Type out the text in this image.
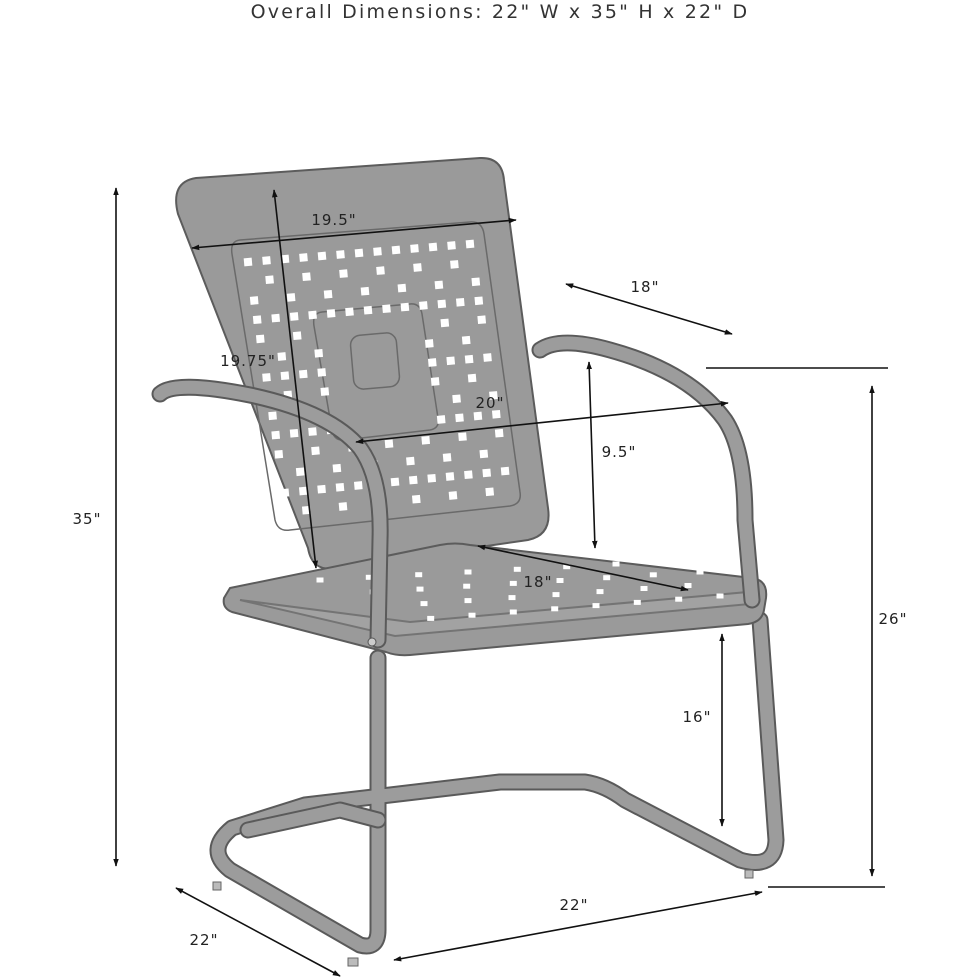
Overall Dimensions: 22" W x 35" H x 22" D
35"
19.5"
19.75"
18"
20"
9.5"
18"
26"
16"
22"
22"
